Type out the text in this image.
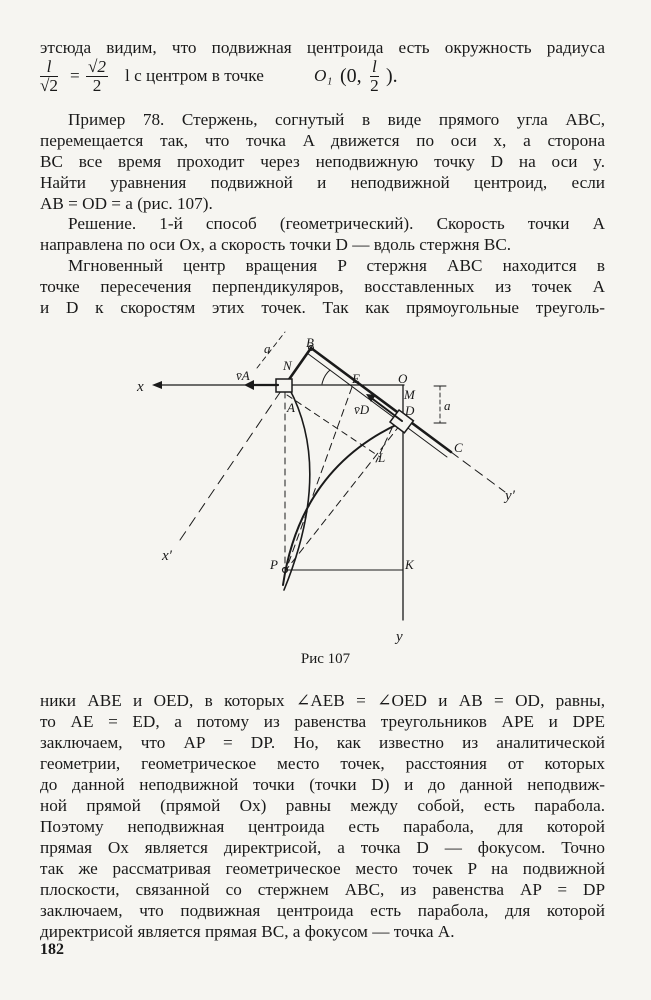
этсюда видим, что подвижная центроида есть окружность радиуса
$\frac{l}{√2} = \frac{√2}{2}$ l с центром в точке	O₁ (0, $\frac{l}{2}$ ).
Пример 78. Стержень, согнутый в виде прямого угла ABC,
перемещается так, что точка A движется по оси x, а сторона
BC все время проходит через неподвижную точку D на оси y.
Найти уравнения подвижной и неподвижной центроид, если
AB = OD = a (рис. 107).
Решение. 1-й способ (геометрический). Скорость точки A
направлена по оси Ox, а скорость точки D — вдоль стержня BC.
Мгновенный центр вращения P стержня ABC находится в
точке пересечения перпендикуляров, восставленных из точек A
и D к скоростям этих точек. Так как прямоугольные треуголь-
x
x′
y
y′
B
N
E	O
M
D
A
C
L
P	K
a
a
v̄A
v̄D
Рис 107
ники ABE и OED, в которых ∠AEB = ∠OED и AB = OD, равны,
то AE = ED, а потому из равенства треугольников APE и DPE
заключаем, что AP = DP. Но, как известно из аналитической
геометрии, геометрическое место точек, расстояния от которых
до данной неподвижной точки (точки D) и до данной неподвиж-
ной прямой (прямой Ox) равны между собой, есть парабола.
Поэтому неподвижная центроида есть парабола, для которой
прямая Ox является директрисой, а точка D — фокусом. Точно
так же рассматривая геометрическое место точек P на подвижной
плоскости, связанной со стержнем ABC, из равенства AP = DP
заключаем, что подвижная центроида есть парабола, для которой
директрисой является прямая BC, а фокусом — точка A.
182
